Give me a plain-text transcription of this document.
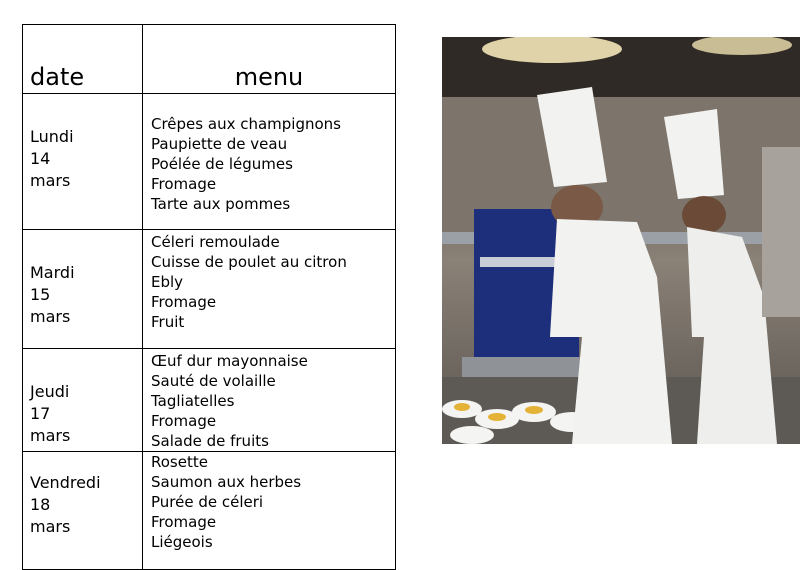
date	menu

Lundi
14
mars	Crêpes aux champignons
Paupiette de veau
Poélée de légumes
Fromage
Tarte aux pommes

Mardi
15
mars	Céleri remoulade
Cuisse de poulet au citron
Ebly
Fromage
Fruit

Jeudi
17
mars	Œuf dur mayonnaise
Sauté de volaille
Tagliatelles
Fromage
Salade de fruits

Vendredi
18
mars	Rosette
Saumon aux herbes
Purée de céleri
Fromage
Liégeois
